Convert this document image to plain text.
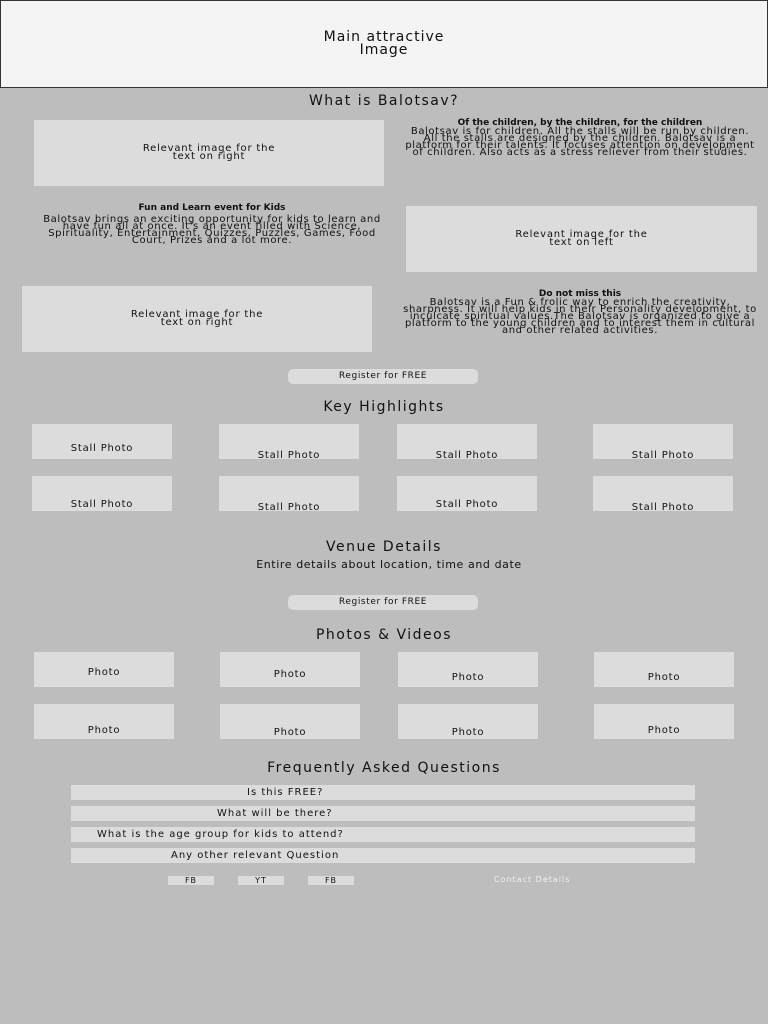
Main attractive Image
What is Balotsav?
Relevant image for the text on right
Of the children, by the children, for the children
Balotsav is for children. All the stalls will be run by children. All the stalls are designed by the children. Balotsav is a platform for their talents. It focuses attention on development of children. Also acts as a stress reliever from their studies.
Fun and Learn event for Kids
Balotsav brings an exciting opportunity for kids to learn and have fun all at once. It's an event filled with Science, Spirituality, Entertainment, Quizzes, Puzzles, Games, Food Court, Prizes and a lot more.
Relevant image for the text on left
Relevant image for the text on right
Do not miss this
Balotsav is a Fun & frolic way to enrich the creativity, sharpness. It will help kids in their Personality development, to inculcate spiritual values.The Balotsav is organized to give a platform to the young children and to interest them in cultural and other related activities.
Register for FREE
Key Highlights
Stall Photo
Stall Photo	Stall Photo	Stall Photo
Stall Photo	Stall Photo	Stall Photo	Stall Photo
Venue Details
Entire details about location, time and date
Register for FREE
Photos & Videos
Photo	Photo	Photo	Photo
Photo	Photo	Photo	Photo
Frequently Asked Questions
Is this FREE?
What will be there?
What is the age group for kids to attend?
Any other relevant Question
FB	YT	FB	Contact Details
